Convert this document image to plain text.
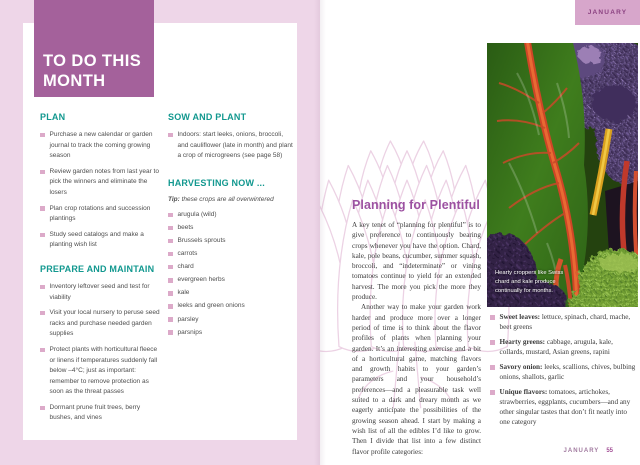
TO DO THIS
MONTH
PLAN
Purchase a new calendar or garden journal to track the coming growing season
Review garden notes from last year to pick the winners and eliminate the losers
Plan crop rotations and succession plantings
Study seed catalogs and make a planting wish list
PREPARE AND MAINTAIN
Inventory leftover seed and test for viability
Visit your local nursery to peruse seed racks and purchase needed garden supplies
Protect plants with horticultural fleece or linens if temperatures suddenly fall below –4°C; just as important: remember to remove protection as soon as the threat passes
Dormant prune fruit trees, berry bushes, and vines
SOW AND PLANT
Indoors: start leeks, onions, broccoli, and cauliflower (late in month) and plant a crop of microgreens (see page 58)
HARVESTING NOW ...

Tip: these crops are all overwintered

arugula (wild)
beets
Brussels sprouts
carrots
chard
evergreen herbs
kale
leeks and green onions
parsley
parsnips
Hearty croppers like Swiss chard and kale produce continually for months.
Planning for Plentiful

A key tenet of “planning for plentiful” is to give preference to continuously bearing crops whenever you have the option. Chard, kale, pole beans, cucumber, summer squash, broccoli, and “indeterminate” or vining tomatoes continue to yield for an extended harvest. The more you pick the more they produce.

Another way to make your garden work harder and produce more over a longer period of time is to think about the flavor profiles of plants when planning your garden. It’s an interesting exercise and a bit of a horticultural game, matching flavors and growth habits to your garden’s parameters and your household’s preferences—and a pleasurable task well suited to a dark and dreary month as we eagerly anticipate the possibilities of the growing season ahead. I start by making a wish list of all the edibles I’d like to grow. Then I divide that list into a few distinct flavor profile categories:

Sweet leaves: lettuce, spinach, chard, mache, beet greens
Hearty greens: cabbage, arugula, kale, collards, mustard, Asian greens, rapini
Savory onion: leeks, scallions, chives, bulbing onions, shallots, garlic
Unique flavors: tomatoes, artichokes, strawberries, eggplants, cucumbers—and any other singular tastes that don’t fit neatly into one category
JANUARY
JANUARY 55
